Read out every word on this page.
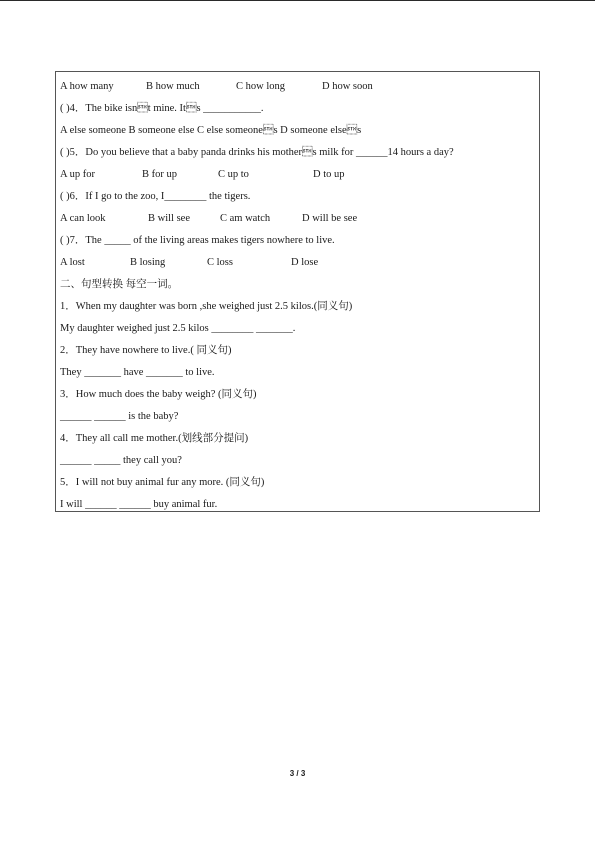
A how many	B how much	C how long	D how soon
( )4．The bike isnt mine. Its ___________.
A else someone B someone else C else someones D someone elses
( )5．Do you believe that a baby panda drinks his mothers milk for ______14 hours a day?
A up for	B for up	C up to	D to up
( )6．If I go to the zoo, I________ the tigers.
A can look	B will see	C am watch	D will be see
( )7．The _____ of the living areas makes tigers nowhere to live.
A lost	B losing	C loss	D lose
二、句型转换 每空一词。
1．When my daughter was born ,she weighed just 2.5 kilos.(同义句)
My daughter weighed just 2.5 kilos ________ _______.
2．They have nowhere to live.( 同义句)
They _______ have _______ to live.
3．How much does the baby weigh? (同义句)
______ ______ is the baby?
4．They all call me mother.(划线部分提问)
______ _____ they call you?
5．I will not buy animal fur any more. (同义句)
I will ______ ______ buy animal fur.
3 / 3
